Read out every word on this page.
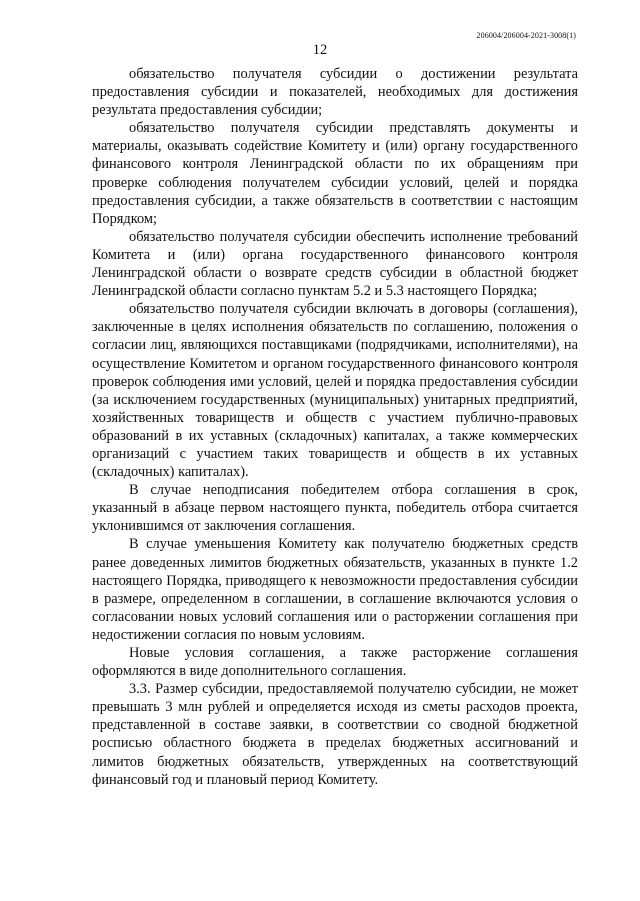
206004/206004-2021-3008(1)
12

обязательство получателя субсидии о достижении результата предоставления субсидии и показателей, необходимых для достижения результата предоставления субсидии;

обязательство получателя субсидии представлять документы и материалы, оказывать содействие Комитету и (или) органу государственного финансового контроля Ленинградской области по их обращениям при проверке соблюдения получателем субсидии условий, целей и порядка предоставления субсидии, а также обязательств в соответствии с настоящим Порядком;

обязательство получателя субсидии обеспечить исполнение требований Комитета и (или) органа государственного финансового контроля Ленинградской области о возврате средств субсидии в областной бюджет Ленинградской области согласно пунктам 5.2 и 5.3 настоящего Порядка;

обязательство получателя субсидии включать в договоры (соглашения), заключенные в целях исполнения обязательств по соглашению, положения о согласии лиц, являющихся поставщиками (подрядчиками, исполнителями), на осуществление Комитетом и органом государственного финансового контроля проверок соблюдения ими условий, целей и порядка предоставления субсидии (за исключением государственных (муниципальных) унитарных предприятий, хозяйственных товариществ и обществ с участием публично-правовых образований в их уставных (складочных) капиталах, а также коммерческих организаций с участием таких товариществ и обществ в их уставных (складочных) капиталах).

В случае неподписания победителем отбора соглашения в срок, указанный в абзаце первом настоящего пункта, победитель отбора считается уклонившимся от заключения соглашения.

В случае уменьшения Комитету как получателю бюджетных средств ранее доведенных лимитов бюджетных обязательств, указанных в пункте 1.2 настоящего Порядка, приводящего к невозможности предоставления субсидии в размере, определенном в соглашении, в соглашение включаются условия о согласовании новых условий соглашения или о расторжении соглашения при недостижении согласия по новым условиям.

Новые условия соглашения, а также расторжение соглашения оформляются в виде дополнительного соглашения.

3.3. Размер субсидии, предоставляемой получателю субсидии, не может превышать 3 млн рублей и определяется исходя из сметы расходов проекта, представленной в составе заявки, в соответствии со сводной бюджетной росписью областного бюджета в пределах бюджетных ассигнований и лимитов бюджетных обязательств, утвержденных на соответствующий финансовый год и плановый период Комитету.
